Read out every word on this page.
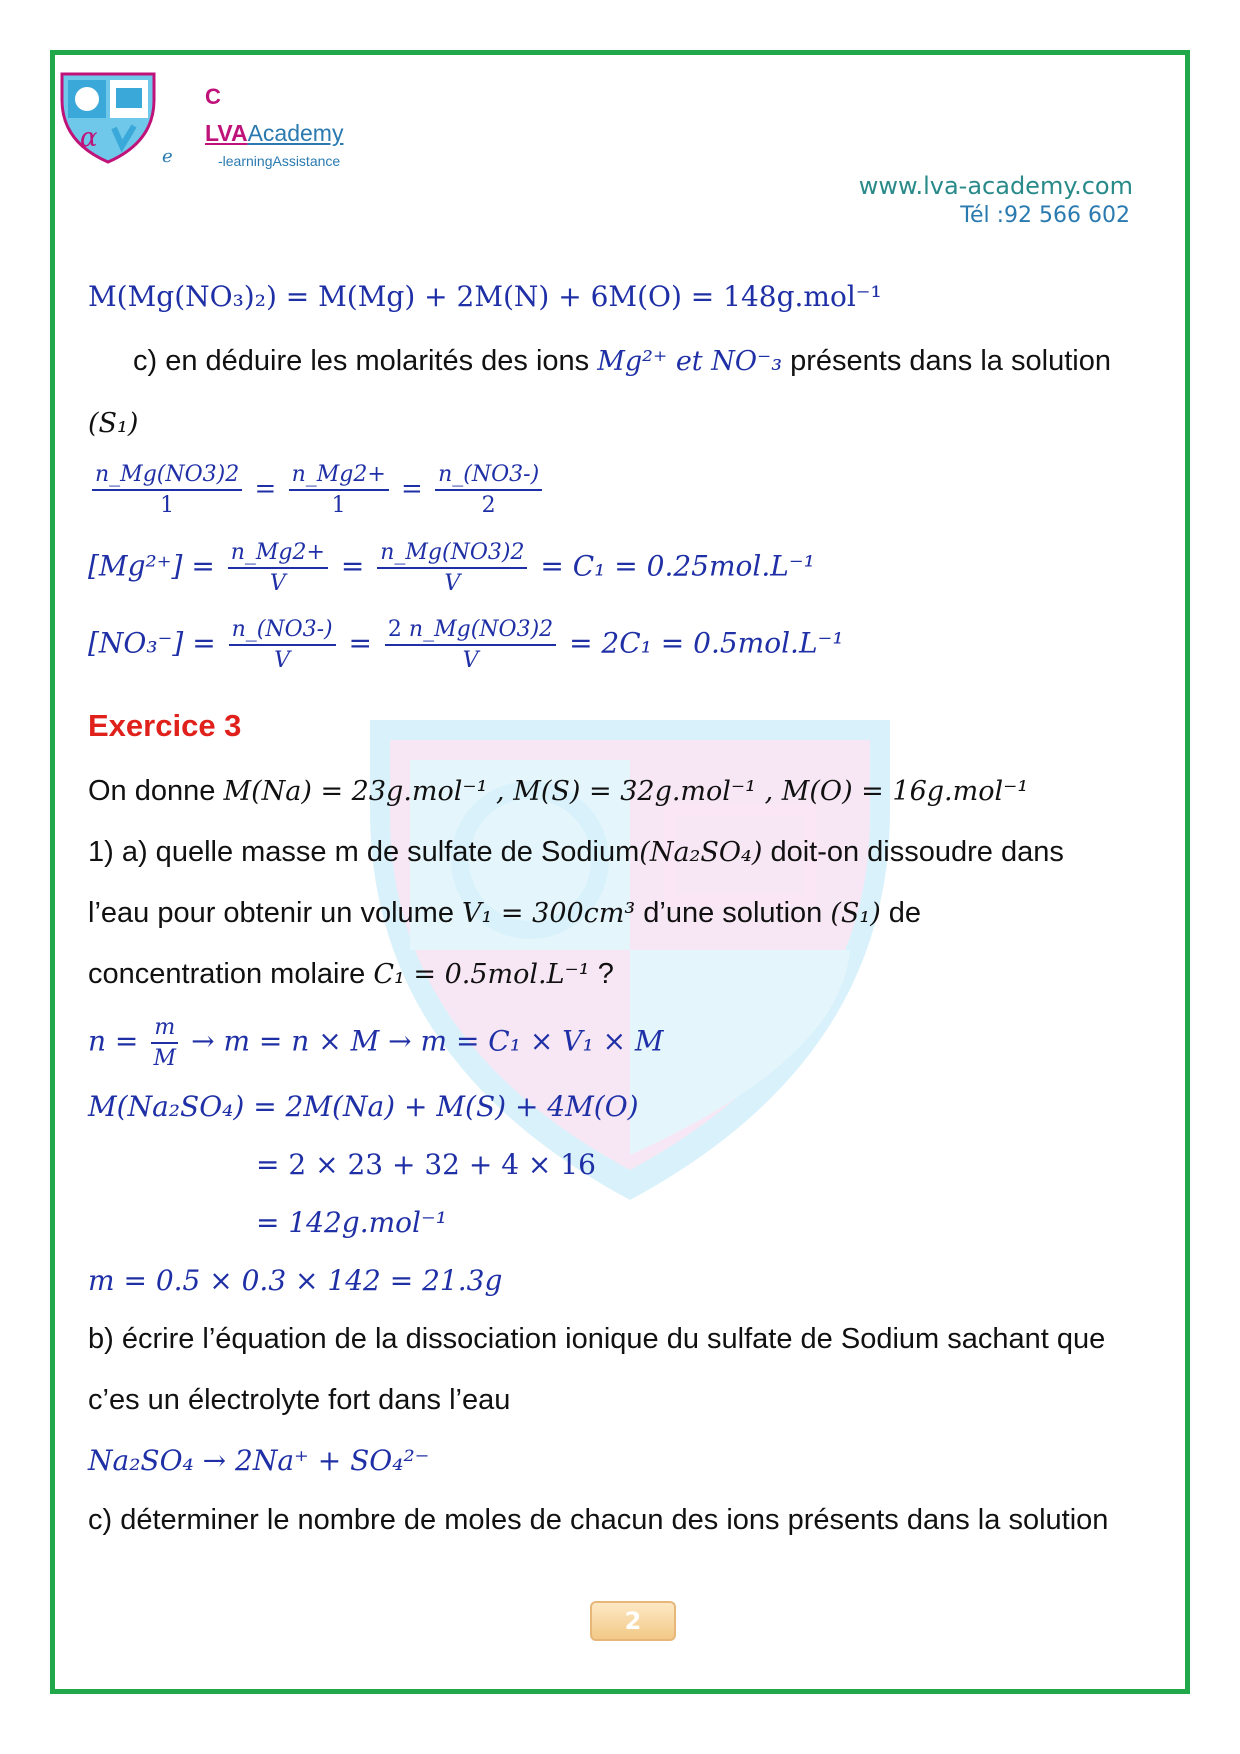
α
C
LVAAcademy
e	-learningAssistance
www.lva-academy.com
Tél :92 566 602
M(Mg(NO₃)₂) = M(Mg) + 2M(N) + 6M(O) = 148g.mol⁻¹
c) en déduire les molarités des ions Mg²⁺ et NO⁻₃ présents dans la solution
(S₁)
$\frac{n\_Mg(NO3)2}{1} = \frac{n\_Mg2+}{1} = \frac{n\_(NO3-)}{2}$
$[Mg^{2+}] = \frac{n\_Mg2+}{V} = \frac{n\_Mg(NO3)2}{V} = C_1 = 0.25mol.L^{-1}$
$[NO_3^-] = \frac{n\_(NO3-)}{V} = \frac{2 n\_Mg(NO3)2}{V} = 2C_1 = 0.5mol.L^{-1}$
Exercice 3
On donne M(Na) = 23g.mol⁻¹ , M(S) = 32g.mol⁻¹ , M(O) = 16g.mol⁻¹
1) a) quelle masse m de sulfate de Sodium(Na₂SO₄) doit-on dissoudre dans
l’eau pour obtenir un volume V₁ = 300cm³ d’une solution (S₁) de
concentration molaire C₁ = 0.5mol.L⁻¹ ?
$n = \frac{m}{M} \to m = n \times M \to m = C_1 \times V_1 \times M$
M(Na₂SO₄) = 2M(Na) + M(S) + 4M(O)
= 2 × 23 + 32 + 4 × 16
= 142g.mol⁻¹
m = 0.5 × 0.3 × 142 = 21.3g
b) écrire l’équation de la dissociation ionique du sulfate de Sodium sachant que
c’es un électrolyte fort dans l’eau
Na₂SO₄ → 2Na⁺ + SO₄²⁻
c) déterminer le nombre de moles de chacun des ions présents dans la solution
2
